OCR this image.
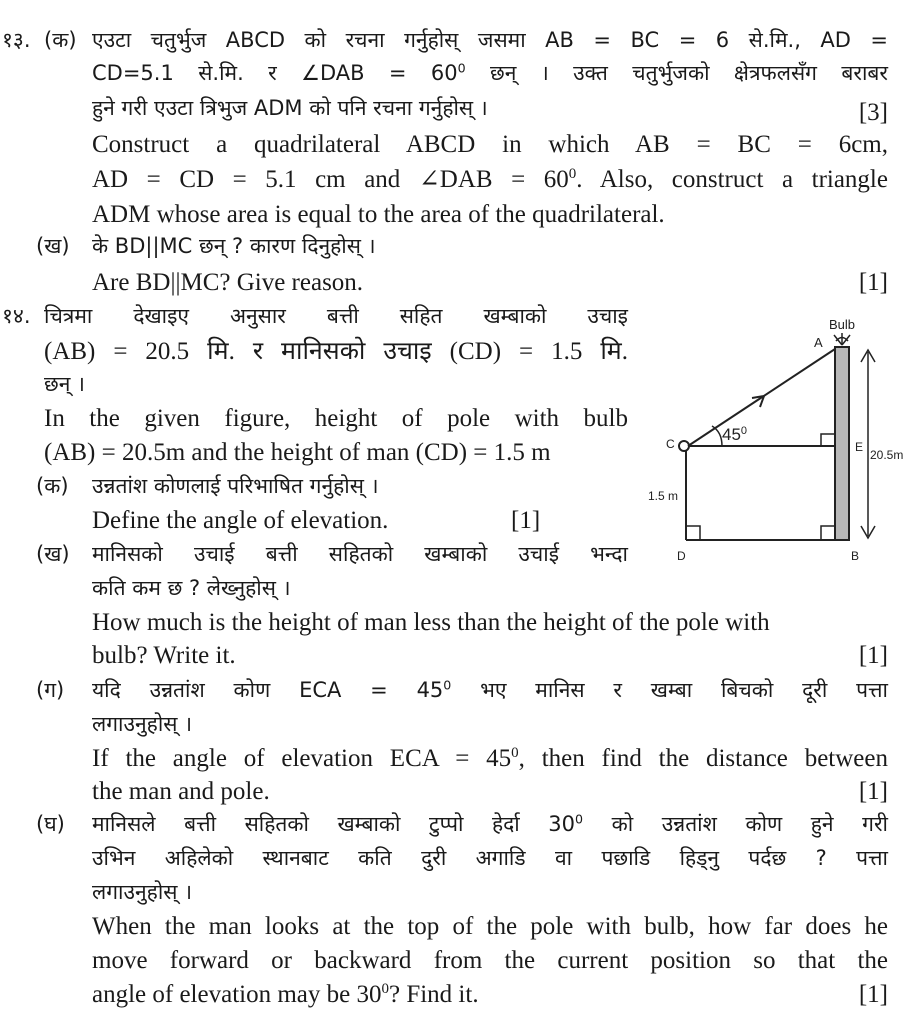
१३. (क) एउटा चतुर्भुज ABCD को रचना गर्नुहोस् जसमा AB = BC = 6 से.मि., AD =
CD=5.1 से.मि. र ∠DAB = $60^0$ छन् । उक्त चतुर्भुजको क्षेत्रफलसँग बराबर
हुने गरी एउटा त्रिभुज ADM को पनि रचना गर्नुहोस् ।	[3]
Construct a quadrilateral ABCD in which AB = BC = 6cm,
AD = CD = 5.1 cm and ∠DAB = $60^0$. Also, construct a triangle
ADM whose area is equal to the area of the quadrilateral.
(ख) के BD||MC छन् ? कारण दिनुहोस् ।
Are BD||MC? Give reason.	[1]
१४. चित्रमा देखाइए अनुसार बत्ती सहित खम्बाको उचाइ
(AB) = 20.5 मि. र मानिसको उचाइ (CD) = 1.5 मि.
छन् ।
In the given figure, height of pole with bulb
(AB) = 20.5m and the height of man (CD) = 1.5 m
(क) उन्नतांश कोणलाई परिभाषित गर्नुहोस् ।
Define the angle of elevation.	[1]
(ख) मानिसको उचाई बत्ती सहितको खम्बाको उचाई भन्दा
कति कम छ ? लेख्नुहोस् ।
How much is the height of man less than the height of the pole with
bulb? Write it.	[1]
(ग) यदि उन्नतांश कोण ECA = $45^0$ भए मानिस र खम्बा बिचको दूरी पत्ता
लगाउनुहोस् ।
If the angle of elevation ECA = $45^0$, then find the distance between
the man and pole.	[1]
(घ) मानिसले बत्ती सहितको खम्बाको टुप्पो हेर्दा $30^0$ को उन्नतांश कोण हुने गरी
उभिन अहिलेको स्थानबाट कति दुरी अगाडि वा पछाडि हिड्नु पर्दछ ? पत्ता
लगाउनुहोस् ।
When the man looks at the top of the pole with bulb, how far does he
move forward or backward from the current position so that the
angle of elevation may be $30^0$? Find it.	[1]
Bulb
A
$45^0$
E
C
1.5 m
D	B
20.5m
